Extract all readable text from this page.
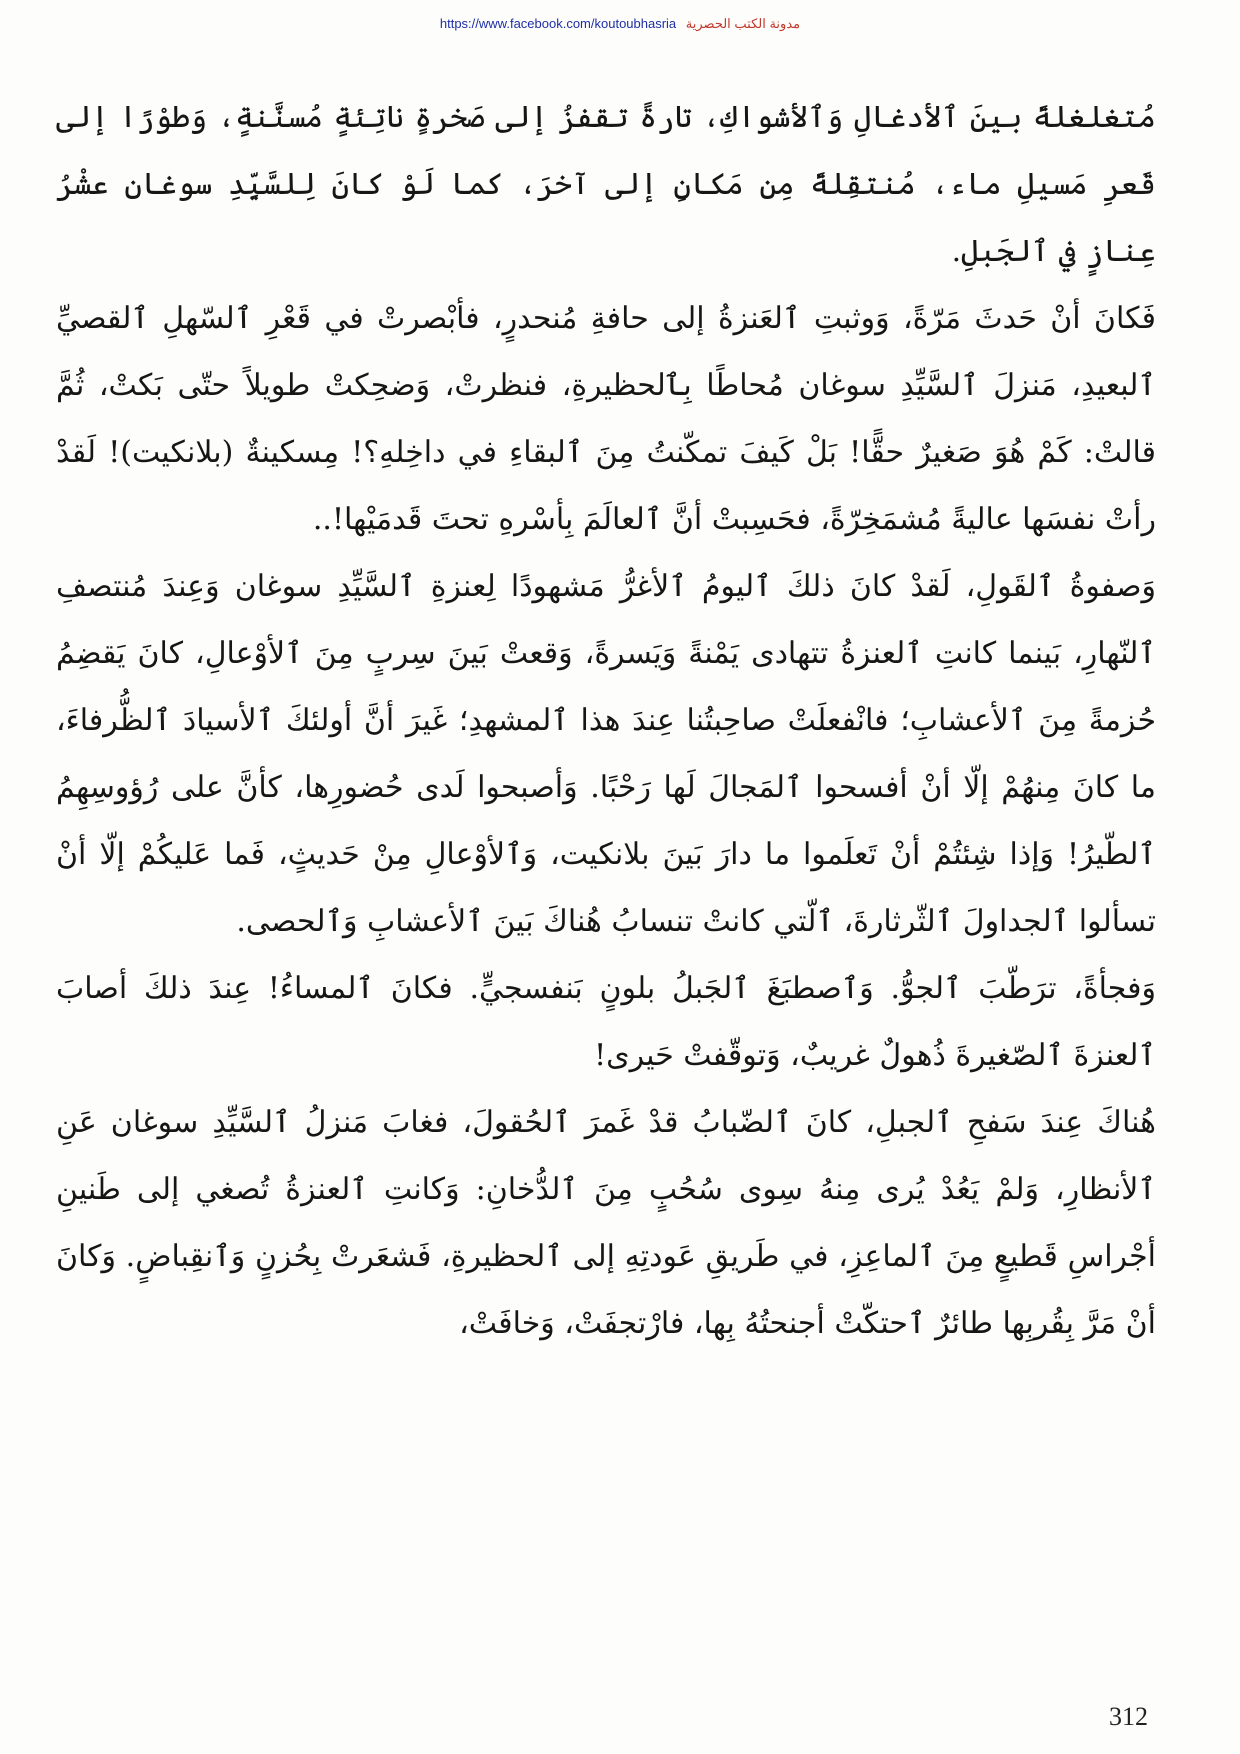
https://www.facebook.com/koutoubhasria مدونة الكتب الحصرية

مُتغلغلةً بينَ ٱلأدغالِ وَٱلأشواكِ، تارةً تقفزُ إلى صَخرةٍ ناتِئةٍ مُسنَّنةٍ، وَطوْرًا إلى قَعرِ مَسيلِ ماء، مُنتقِلةً مِن مَكانٍ إلى آخرَ، كما لَوْ كانَ لِلسَّيِّدِ سوغان عشْرُ عِنازٍ في ٱلجَبلِ.

فَكانَ أنْ حَدثَ مَرّةً، وَوثبتِ ٱلعَنزةُ إلى حافةِ مُنحدرٍ، فأبْصرتْ في قَعْرِ ٱلسّهلِ ٱلقصيِّ ٱلبعيدِ، مَنزلَ ٱلسَّيِّدِ سوغان مُحاطًا بِٱلحظيرةِ، فنظرتْ، وَضحِكتْ طويلاً حتّى بَكتْ، ثُمَّ قالتْ: كَمْ هُوَ صَغيرٌ حقًّا! بَلْ كَيفَ تمكّنتُ مِنَ ٱلبقاءِ في داخِلهِ؟! مِسكينةٌ (بلانكيت)! لَقدْ رأتْ نفسَها عاليةً مُشمَخِرّةً، فحَسِبتْ أنَّ ٱلعالَمَ بِأسْرهِ تحتَ قَدمَيْها!..

وَصفوةُ ٱلقَولِ، لَقدْ كانَ ذلكَ ٱليومُ ٱلأغرُّ مَشهودًا لِعنزةِ ٱلسَّيِّدِ سوغان وَعِندَ مُنتصفِ ٱلنّهارِ، بَينما كانتِ ٱلعنزةُ تتهادى يَمْنةً وَيَسرةً، وَقعتْ بَينَ سِربٍ مِنَ ٱلأوْعالِ، كانَ يَقضِمُ حُزمةً مِنَ ٱلأعشابِ؛ فانْفعلَتْ صاحِبتُنا عِندَ هذا ٱلمشهدِ؛ غَيرَ أنَّ أولئكَ ٱلأسيادَ ٱلظُّرفاءَ، ما كانَ مِنهُمْ إلّا أنْ أفسحوا ٱلمَجالَ لَها رَحْبًا. وَأصبحوا لَدى حُضورِها، كأنَّ على رُؤوسِهِمُ ٱلطّيرُ! وَإذا شِئتُمْ أنْ تَعلَموا ما دارَ بَينَ بلانكيت، وَٱلأوْعالِ مِنْ حَديثٍ، فَما عَليكُمْ إلّا أنْ تسألوا ٱلجداولَ ٱلثّرثارةَ، ٱلّتي كانتْ تنسابُ هُناكَ بَينَ ٱلأعشابِ وَٱلحصى.

وَفجأةً، ترَطّبَ ٱلجوُّ. وَٱصطبَغَ ٱلجَبلُ بلونٍ بَنفسجيٍّ. فكانَ ٱلمساءُ! عِندَ ذلكَ أصابَ ٱلعنزةَ ٱلصّغيرةَ ذُهولٌ غريبٌ، وَتوقّفتْ حَيرى!

هُناكَ عِندَ سَفحِ ٱلجبلِ، كانَ ٱلضّبابُ قدْ غَمرَ ٱلحُقولَ، فغابَ مَنزلُ ٱلسَّيِّدِ سوغان عَنِ ٱلأنظارِ، وَلمْ يَعُدْ يُرى مِنهُ سِوى سُحُبٍ مِنَ ٱلدُّخانِ: وَكانتِ ٱلعنزةُ تُصغي إلى طَنينِ أجْراسِ قَطيعٍ مِنَ ٱلماعِزِ، في طَريقِ عَودتِهِ إلى ٱلحظيرةِ، فَشعَرتْ بِحُزنٍ وَٱنقِباضٍ. وَكانَ أنْ مَرَّ بِقُربِها طائرٌ ٱحتكّتْ أجنحتُهُ بِها، فارْتجفَتْ، وَخافَتْ،

312
